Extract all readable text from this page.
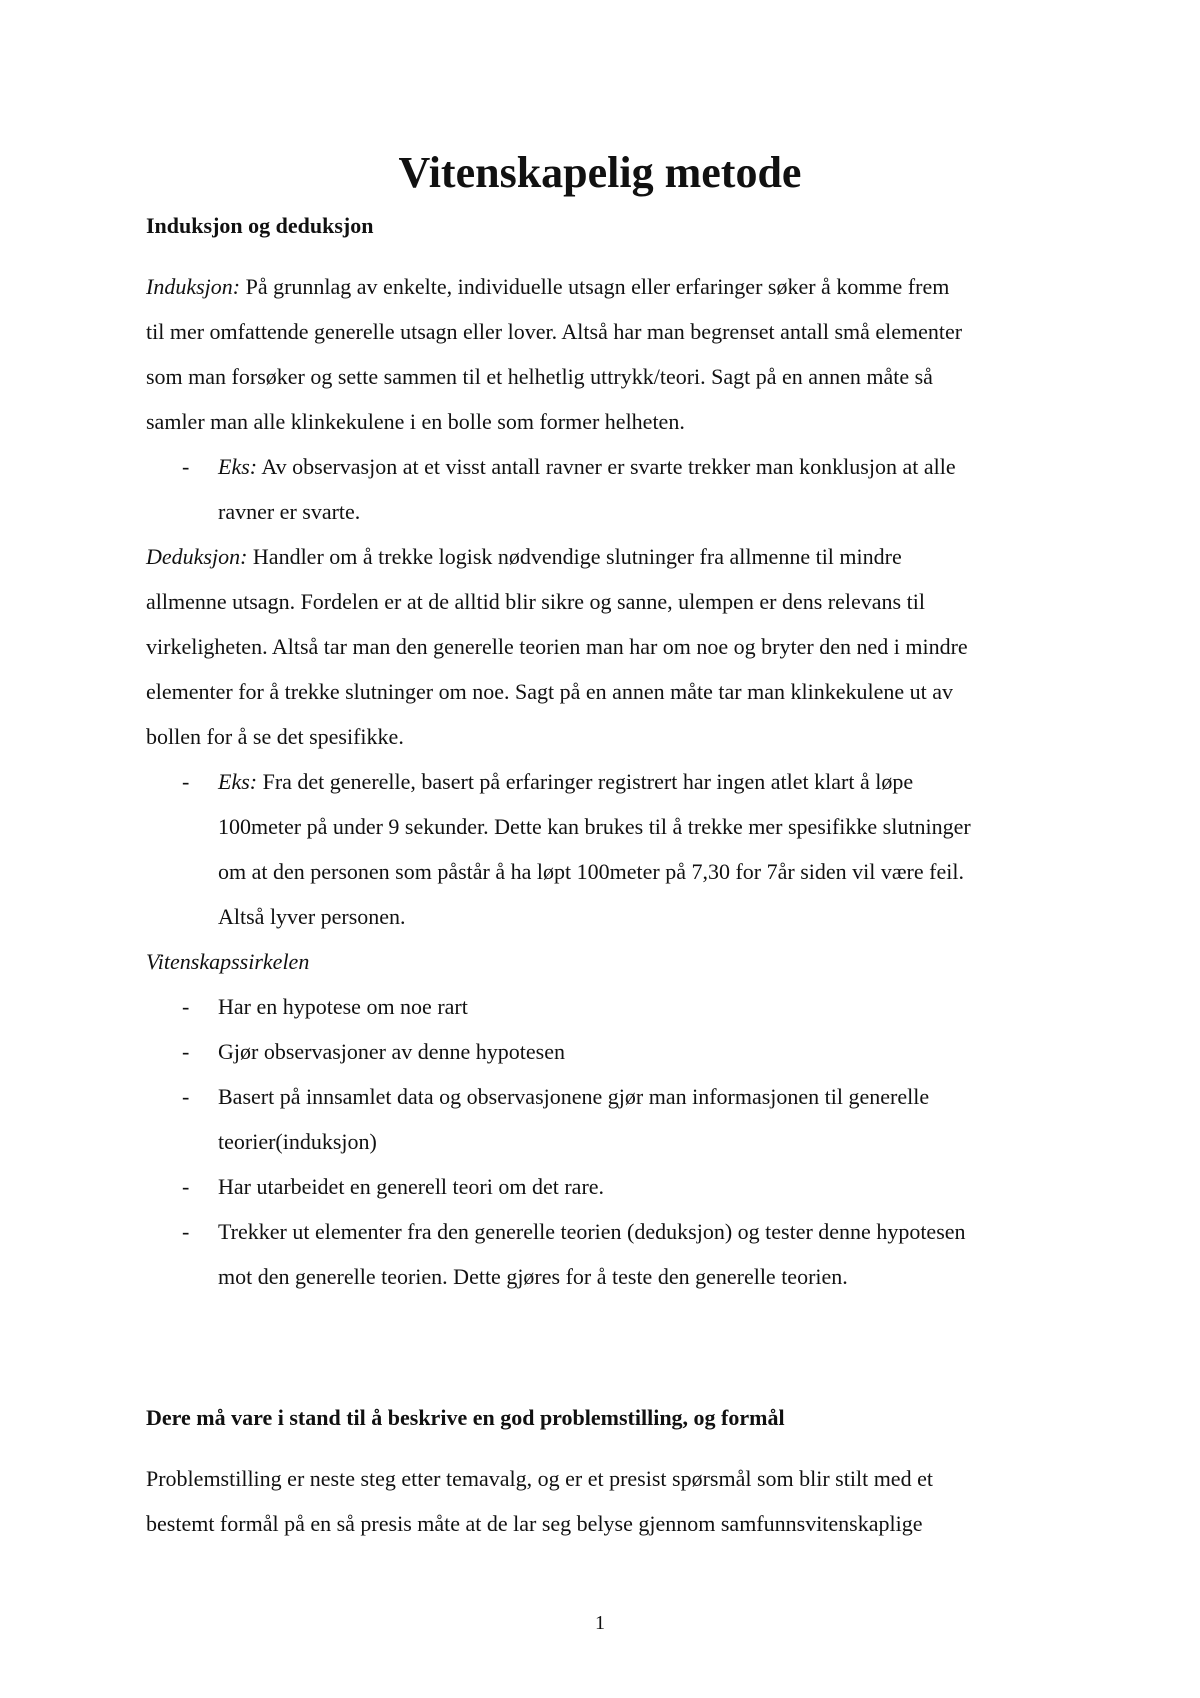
Vitenskapelig metode
Induksjon og deduksjon
Induksjon: På grunnlag av enkelte, individuelle utsagn eller erfaringer søker å komme frem
til mer omfattende generelle utsagn eller lover. Altså har man begrenset antall små elementer
som man forsøker og sette sammen til et helhetlig uttrykk/teori. Sagt på en annen måte så
samler man alle klinkekulene i en bolle som former helheten.
- Eks: Av observasjon at et visst antall ravner er svarte trekker man konklusjon at alle
ravner er svarte.
Deduksjon: Handler om å trekke logisk nødvendige slutninger fra allmenne til mindre
allmenne utsagn. Fordelen er at de alltid blir sikre og sanne, ulempen er dens relevans til
virkeligheten. Altså tar man den generelle teorien man har om noe og bryter den ned i mindre
elementer for å trekke slutninger om noe. Sagt på en annen måte tar man klinkekulene ut av
bollen for å se det spesifikke.
- Eks: Fra det generelle, basert på erfaringer registrert har ingen atlet klart å løpe
100meter på under 9 sekunder. Dette kan brukes til å trekke mer spesifikke slutninger
om at den personen som påstår å ha løpt 100meter på 7,30 for 7år siden vil være feil.
Altså lyver personen.
Vitenskapssirkelen
- Har en hypotese om noe rart
- Gjør observasjoner av denne hypotesen
- Basert på innsamlet data og observasjonene gjør man informasjonen til generelle
teorier(induksjon)
- Har utarbeidet en generell teori om det rare.
- Trekker ut elementer fra den generelle teorien (deduksjon) og tester denne hypotesen
mot den generelle teorien. Dette gjøres for å teste den generelle teorien.
Dere må vare i stand til å beskrive en god problemstilling, og formål
Problemstilling er neste steg etter temavalg, og er et presist spørsmål som blir stilt med et
bestemt formål på en så presis måte at de lar seg belyse gjennom samfunnsvitenskaplige
1
